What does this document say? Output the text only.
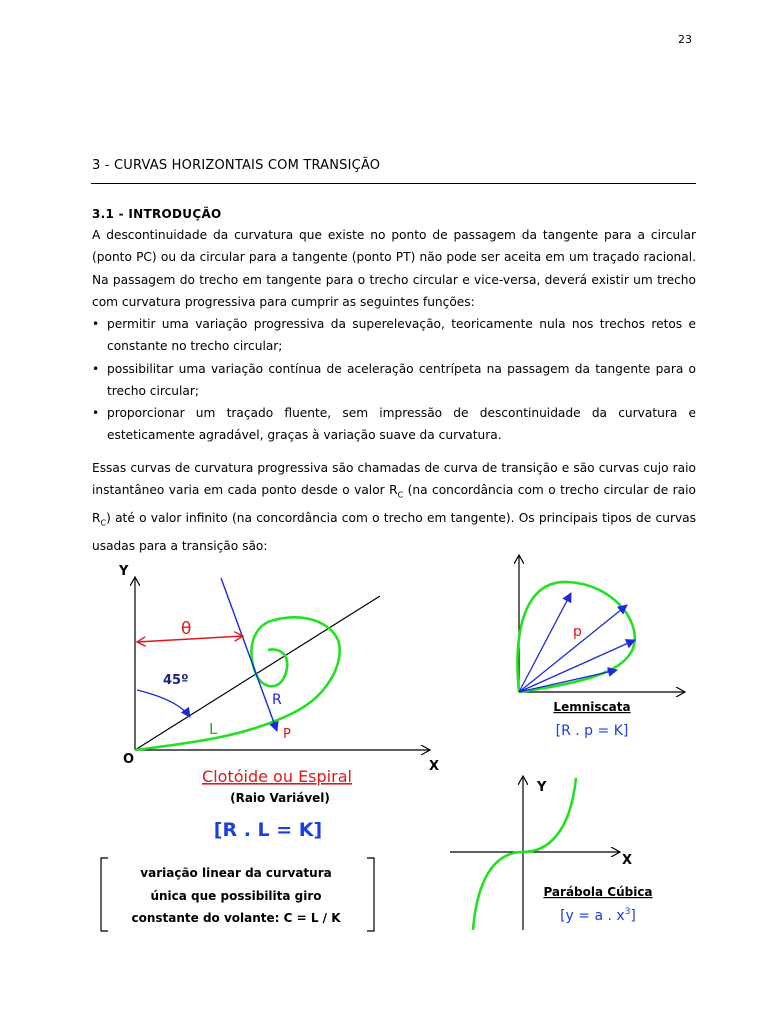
23
3 - CURVAS HORIZONTAIS COM TRANSIÇÃO
3.1 - INTRODUÇÃO

A descontinuidade da curvatura que existe no ponto de passagem da tangente para a circular (ponto PC) ou da circular para a tangente (ponto PT) não pode ser aceita em um traçado racional. Na passagem do trecho em tangente para o trecho circular e vice-versa, deverá existir um trecho com curvatura progressiva para cumprir as seguintes funções:

• permitir uma variação progressiva da superelevação, teoricamente nula nos trechos retos e constante no trecho circular;
• possibilitar uma variação contínua de aceleração centrípeta na passagem da tangente para o trecho circular;
• proporcionar um traçado fluente, sem impressão de descontinuidade da curvatura e esteticamente agradável, graças à variação suave da curvatura.

Essas curvas de curvatura progressiva são chamadas de curva de transição e são curvas cujo raio instantâneo varia em cada ponto desde o valor $R_C$ (na concordância com o trecho circular de raio $R_C$) até o valor infinito (na concordância com o trecho em tangente). Os principais tipos de curvas usadas para a transição são:

Y
X
O
θ
45º
R
L	P
Clotóide ou Espiral
(Raio Variável)
[R . L = K]
variação linear da curvatura
única que possibilita giro
constante do volante: C = L / K
p
Lemniscata
[R . p = K]
Y
X
Parábola Cúbica
[y = a . $x^3$]
